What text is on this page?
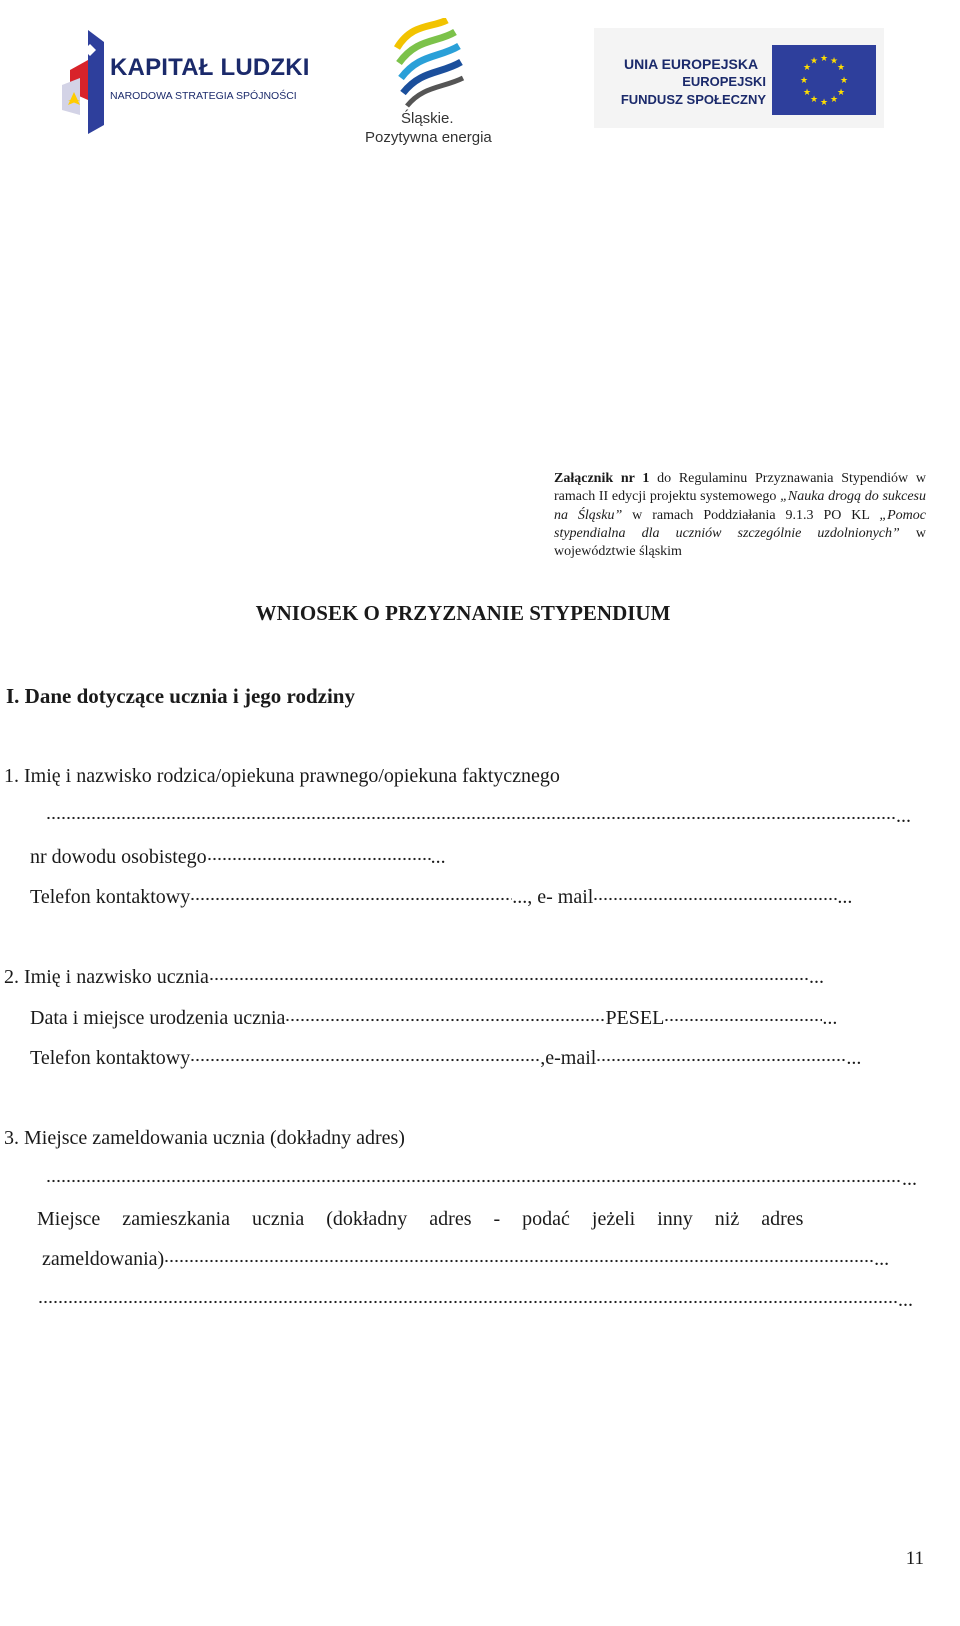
KAPITAŁ LUDZKI
NARODOWA STRATEGIA SPÓJNOŚCI
Śląskie.
Pozytywna energia
UNIA EUROPEJSKA
EUROPEJSKI
FUNDUSZ SPOŁECZNY
★ ★
★
★
★
★
★
★
★
★
★
★
Załącznik nr 1 do Regulaminu Przyznawania Stypendiów w ramach II edycji projektu systemowego „Nauka drogą do sukcesu na Śląsku” w ramach Poddziałania 9.1.3 PO KL „Pomoc stypendialna dla uczniów szczególnie uzdolnionych” w województwie śląskim
WNIOSEK O PRZYZNANIE STYPENDIUM
I. Dane dotyczące ucznia i jego rodziny
1. Imię i nazwisko rodzica/opiekuna prawnego/opiekuna faktycznego
...
nr dowodu osobistego	...
Telefon kontaktowy	..., e- mail	...
2. Imię i nazwisko ucznia	...
Data i miejsce urodzenia ucznia	PESEL	...
Telefon kontaktowy	,e-mail	...
3. Miejsce zameldowania ucznia (dokładny adres)
...
Miejsce zamieszkania ucznia (dokładny adres - podać jeżeli inny niż adres
zameldowania)	...
...
11
